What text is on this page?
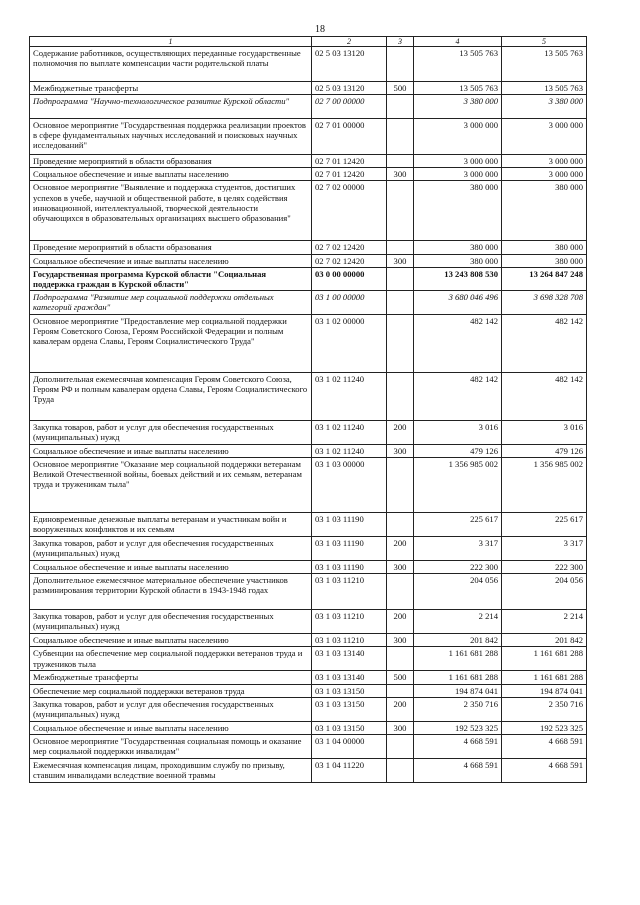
18
1	2	3	4	5
Содержание работников, осуществляющих переданные государственные полномочия по выплате компенсации части родительской платы	02 5 03 13120		13 505 763	13 505 763
Межбюджетные трансферты	02 5 03 13120	500	13 505 763	13 505 763
Подпрограмма "Научно-технологическое развитие Курской области"	02 7 00 00000		3 380 000	3 380 000
Основное мероприятие "Государственная поддержка реализации проектов в сфере фундаментальных научных исследований и поисковых научных исследований"	02 7 01 00000		3 000 000	3 000 000
Проведение мероприятий в области образования	02 7 01 12420		3 000 000	3 000 000
Социальное обеспечение и иные выплаты населению	02 7 01 12420	300	3 000 000	3 000 000
Основное мероприятие "Выявление и поддержка студентов, достигших успехов в учебе, научной и общественной работе, в целях содействия инновационной, интеллектуальной, творческой деятельности обучающихся в образовательных организациях высшего образования"	02 7 02 00000		380 000	380 000
Проведение мероприятий в области образования	02 7 02 12420		380 000	380 000
Социальное обеспечение и иные выплаты населению	02 7 02 12420	300	380 000	380 000
Государственная программа Курской области "Социальная поддержка граждан в Курской области"	03 0 00 00000		13 243 808 530	13 264 847 248
Подпрограмма "Развитие мер социальной поддержки отдельных категорий граждан"	03 1 00 00000		3 680 046 496	3 698 328 708
Основное мероприятие "Предоставление мер социальной поддержки Героям Советского Союза, Героям Российской Федерации и полным кавалерам ордена Славы, Героям Социалистического Труда"	03 1 02 00000		482 142	482 142
Дополнительная ежемесячная компенсация Героям Советского Союза, Героям РФ и полным кавалерам ордена Славы, Героям Социалистического Труда	03 1 02 11240		482 142	482 142
Закупка товаров, работ и услуг для обеспечения государственных (муниципальных) нужд	03 1 02 11240	200	3 016	3 016
Социальное обеспечение и иные выплаты населению	03 1 02 11240	300	479 126	479 126
Основное мероприятие "Оказание мер социальной поддержки ветеранам Великой Отечественной войны, боевых действий и их семьям, ветеранам труда и труженикам тыла"	03 1 03 00000		1 356 985 002	1 356 985 002
Единовременные денежные выплаты ветеранам и участникам войн и вооруженных конфликтов и их семьям	03 1 03 11190		225 617	225 617
Закупка товаров, работ и услуг для обеспечения государственных (муниципальных) нужд	03 1 03 11190	200	3 317	3 317
Социальное обеспечение и иные выплаты населению	03 1 03 11190	300	222 300	222 300
Дополнительное ежемесячное материальное обеспечение участников разминирования территории Курской области в 1943-1948 годах	03 1 03 11210		204 056	204 056
Закупка товаров, работ и услуг для обеспечения государственных (муниципальных) нужд	03 1 03 11210	200	2 214	2 214
Социальное обеспечение и иные выплаты населению	03 1 03 11210	300	201 842	201 842
Субвенции на обеспечение мер социальной поддержки ветеранов труда и тружеников тыла	03 1 03 13140		1 161 681 288	1 161 681 288
Межбюджетные трансферты	03 1 03 13140	500	1 161 681 288	1 161 681 288
Обеспечение мер социальной поддержки ветеранов труда	03 1 03 13150		194 874 041	194 874 041
Закупка товаров, работ и услуг для обеспечения государственных (муниципальных) нужд	03 1 03 13150	200	2 350 716	2 350 716
Социальное обеспечение и иные выплаты населению	03 1 03 13150	300	192 523 325	192 523 325
Основное мероприятие "Государственная социальная помощь и оказание мер социальной поддержки инвалидам"	03 1 04 00000		4 668 591	4 668 591
Ежемесячная компенсация лицам, проходившим службу по призыву, ставшим инвалидами вследствие военной травмы	03 1 04 11220		4 668 591	4 668 591
